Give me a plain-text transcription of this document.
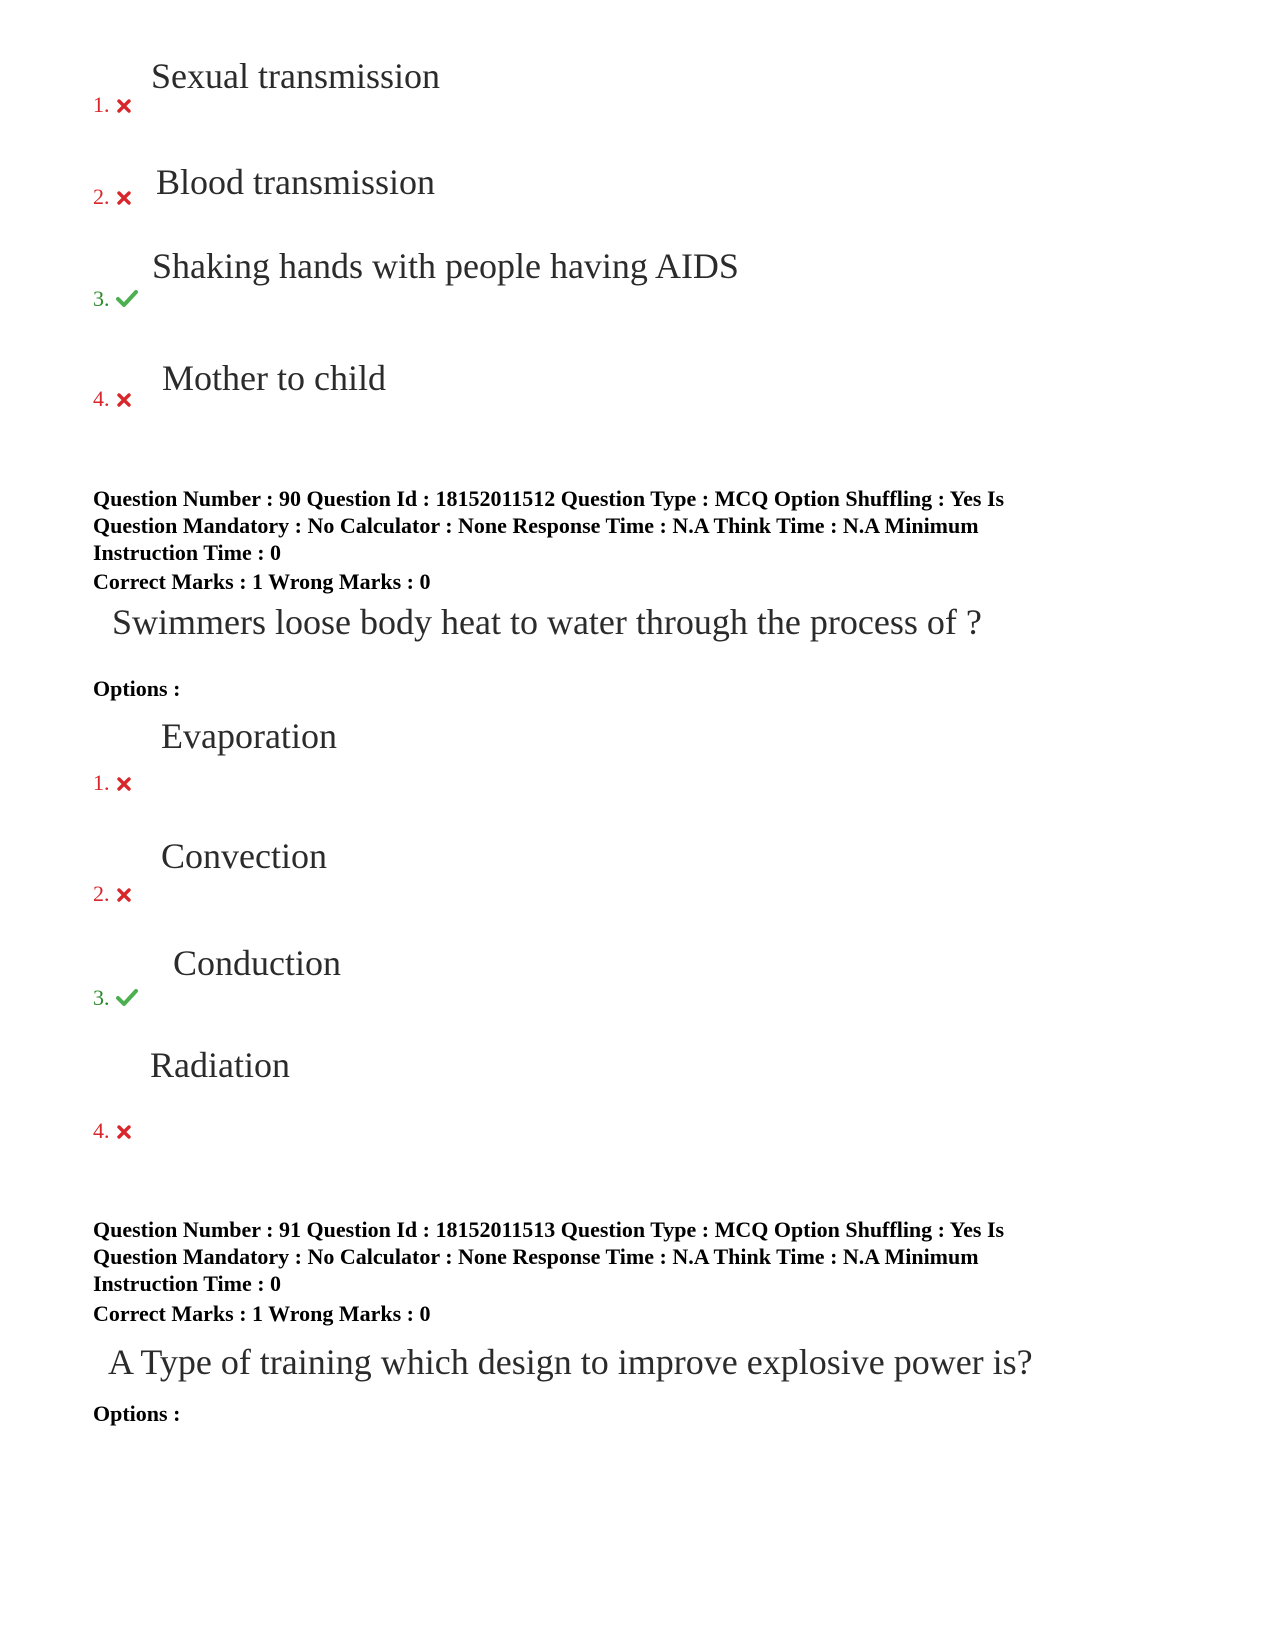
Sexual transmission
1.
Blood transmission
2.
Shaking hands with people having AIDS
3.
Mother to child
4.
Question Number : 90 Question Id : 18152011512 Question Type : MCQ Option Shuffling : Yes Is
Question Mandatory : No Calculator : None Response Time : N.A Think Time : N.A Minimum
Instruction Time : 0
Correct Marks : 1 Wrong Marks : 0
Swimmers loose body heat to water through the process of ?
Options :
Evaporation
1.
Convection
2.
Conduction
3.
Radiation
4.
Question Number : 91 Question Id : 18152011513 Question Type : MCQ Option Shuffling : Yes Is
Question Mandatory : No Calculator : None Response Time : N.A Think Time : N.A Minimum
Instruction Time : 0
Correct Marks : 1 Wrong Marks : 0
A Type of training which design to improve explosive power is?
Options :
